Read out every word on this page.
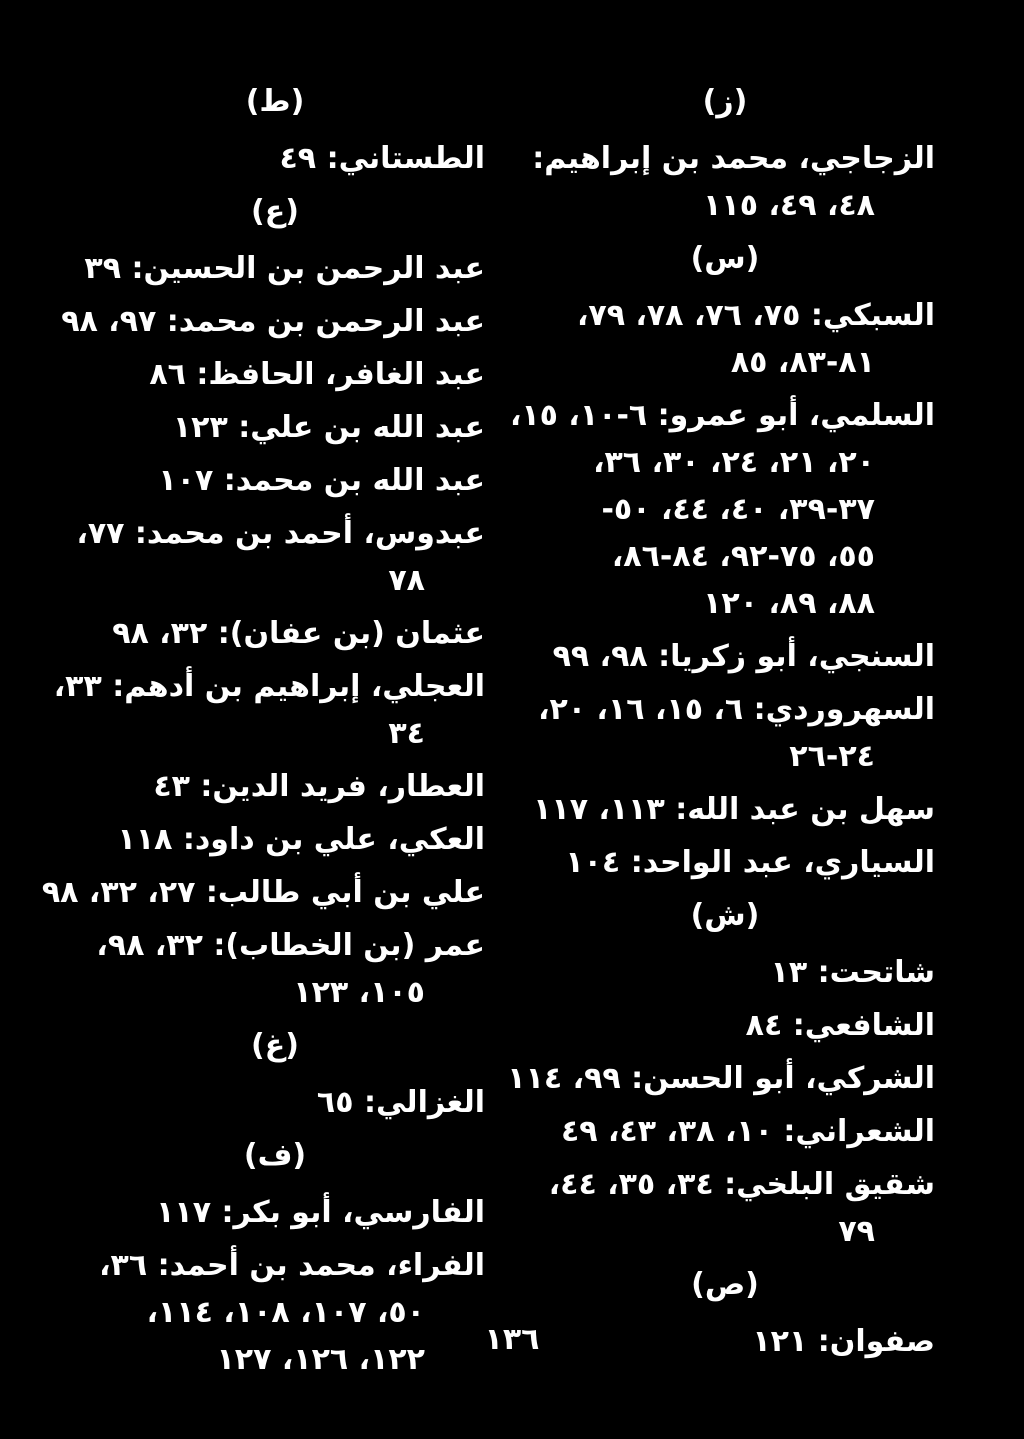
(ز)
الزجاجي، محمد بن إبراهيم:
٤٨، ٤٩، ١١٥
(س)
السبكي: ٧٥، ٧٦، ٧٨، ٧٩،
٨١-٨٣، ٨٥
السلمي، أبو عمرو: ٦-١٠، ١٥،
٢٠، ٢١، ٢٤، ٣٠، ٣٦،
٣٧-٣٩، ٤٠، ٤٤، ٥٠-
٥٥، ٧٥-٩٢، ٨٤-٨٦،
٨٨، ٨٩، ١٢٠
السنجي، أبو زكريا: ٩٨، ٩٩
السهروردي: ٦، ١٥، ١٦، ٢٠،
٢٤-٢٦
سهل بن عبد الله: ١١٣، ١١٧
السياري، عبد الواحد: ١٠٤
(ش)
شاتحت: ١٣
الشافعي: ٨٤
الشركي، أبو الحسن: ٩٩، ١١٤
الشعراني: ١٠، ٣٨، ٤٣، ٤٩
شقيق البلخي: ٣٤، ٣٥، ٤٤،
٧٩
(ص)
صفوان: ١٢١
(ط)
الطستاني: ٤٩
(ع)
عبد الرحمن بن الحسين: ٣٩
عبد الرحمن بن محمد: ٩٧، ٩٨
عبد الغافر، الحافظ: ٨٦
عبد الله بن علي: ١٢٣
عبد الله بن محمد: ١٠٧
عبدوس، أحمد بن محمد: ٧٧،
٧٨
عثمان (بن عفان): ٣٢، ٩٨
العجلي، إبراهيم بن أدهم: ٣٣،
٣٤
العطار، فريد الدين: ٤٣
العكي، علي بن داود: ١١٨
علي بن أبي طالب: ٢٧، ٣٢، ٩٨
عمر (بن الخطاب): ٣٢، ٩٨،
١٠٥، ١٢٣
(غ)
الغزالي: ٦٥
(ف)
الفارسي، أبو بكر: ١١٧
الفراء، محمد بن أحمد: ٣٦،
٥٠، ١٠٧، ١٠٨، ١١٤،
١٢٢، ١٢٦، ١٢٧
١٣٦
